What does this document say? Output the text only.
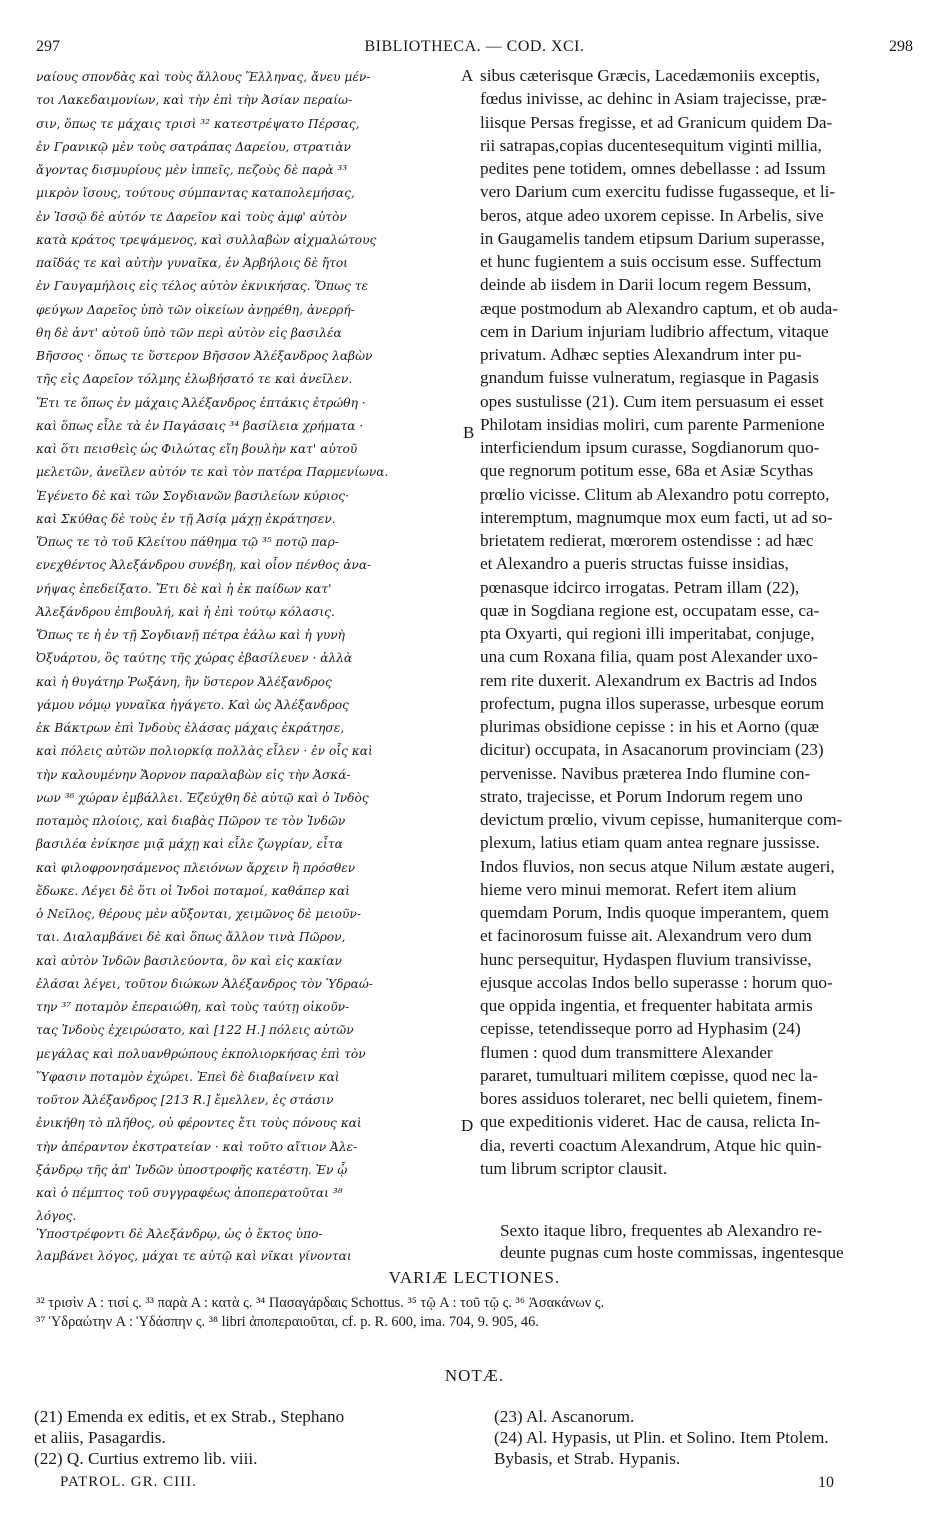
297	BIBLIOTHECA. — COD. XCI.	298
A
B
D
ναίους σπονδὰς καὶ τοὺς ἄλλους Ἕλληνας, ἄνευ μέν-
τοι Λακεδαιμονίων, καὶ τὴν ἐπὶ τὴν Ἀσίαν περαίω-
σιν, ὅπως τε μάχαις τρισὶ ³² κατεστρέψατο Πέρσας,
ἐν Γρανικῷ μὲν τοὺς σατράπας Δαρείου, στρατιὰν
ἄγοντας δισμυρίους μὲν ἱππεῖς, πεζοὺς δὲ παρὰ ³³
μικρὸν ἴσους, τούτους σύμπαντας καταπολεμήσας,
ἐν Ἰσσῷ δὲ αὐτόν τε Δαρεῖον καὶ τοὺς ἀμφ' αὐτὸν
κατὰ κράτος τρεψάμενος, καὶ συλλαβὼν αἰχμαλώτους
παῖδάς τε καὶ αὐτὴν γυναῖκα, ἐν Ἀρβήλοις δὲ ἤτοι
ἐν Γαυγαμήλοις εἰς τέλος αὐτὸν ἐκνικήσας. Ὅπως τε
φεύγων Δαρεῖος ὑπὸ τῶν οἰκείων ἀνῃρέθη, ἀνερρή-
θη δὲ ἀντ' αὐτοῦ ὑπὸ τῶν περὶ αὐτὸν εἰς βασιλέα
Βῆσσος · ὅπως τε ὕστερον Βῆσσον Ἀλέξανδρος λαβὼν
τῆς εἰς Δαρεῖον τόλμης ἐλωβήσατό τε καὶ ἀνεῖλεν.
Ἔτι τε ὅπως ἐν μάχαις Ἀλέξανδρος ἑπτάκις ἐτρώθη ·
καὶ ὅπως εἷλε τὰ ἐν Παγάσαις ³⁴ βασίλεια χρήματα ·
καὶ ὅτι πεισθεὶς ὡς Φιλώτας εἴη βουλὴν κατ' αὐτοῦ
μελετῶν, ἀνεῖλεν αὐτόν τε καὶ τὸν πατέρα Παρμενίωνα.
Ἐγένετο δὲ καὶ τῶν Σογδιανῶν βασιλείων κύριος·
καὶ Σκύθας δὲ τοὺς ἐν τῇ Ἀσίᾳ μάχῃ ἐκράτησεν.
Ὅπως τε τὸ τοῦ Κλείτου πάθημα τῷ ³⁵ ποτῷ παρ-
ενεχθέντος Ἀλεξάνδρου συνέβη, καὶ οἷον πένθος ἀνα-
νήψας ἐπεδείξατο. Ἔτι δὲ καὶ ἡ ἐκ παίδων κατ'
Ἀλεξάνδρου ἐπιβουλή, καὶ ἡ ἐπὶ τούτῳ κόλασις.
Ὅπως τε ἡ ἐν τῇ Σογδιανῇ πέτρα ἑάλω καὶ ἡ γυνὴ
Ὀξυάρτου, ὃς ταύτης τῆς χώρας ἐβασίλευεν · ἀλλὰ
καὶ ἡ θυγάτηρ Ῥωξάνη, ἣν ὕστερον Ἀλέξανδρος
γάμου νόμῳ γυναῖκα ἠγάγετο. Καὶ ὡς Ἀλέξανδρος
ἐκ Βάκτρων ἐπὶ Ἰνδοὺς ἐλάσας μάχαις ἐκράτησε,
καὶ πόλεις αὐτῶν πολιορκίᾳ πολλὰς εἷλεν · ἐν οἷς καὶ
τὴν καλουμένην Ἄορνον παραλαβὼν εἰς τὴν Ἀσκά-
νων ³⁶ χώραν ἐμβάλλει. Ἐζεύχθη δὲ αὐτῷ καὶ ὁ Ἰνδὸς
ποταμὸς πλοίοις, καὶ διαβὰς Πῶρον τε τὸν Ἰνδῶν
βασιλέα ἐνίκησε μιᾷ μάχῃ καὶ εἷλε ζωγρίαν, εἶτα
καὶ φιλοφρονησάμενος πλειόνων ἄρχειν ἢ πρόσθεν
ἔδωκε. Λέγει δὲ ὅτι οἱ Ἰνδοὶ ποταμοί, καθάπερ καὶ
ὁ Νεῖλος, θέρους μὲν αὔξονται, χειμῶνος δὲ μειοῦν-
ται. Διαλαμβάνει δὲ καὶ ὅπως ἄλλον τινὰ Πῶρον,
καὶ αὐτὸν Ἰνδῶν βασιλεύοντα, ὃν καὶ εἰς κακίαν
ἐλάσαι λέγει, τοῦτον διώκων Ἀλέξανδρος τὸν Ὑδραώ-
την ³⁷ ποταμὸν ἐπεραιώθη, καὶ τοὺς ταύτῃ οἰκοῦν-
τας Ἰνδοὺς ἐχειρώσατο, καὶ [122 H.] πόλεις αὐτῶν
μεγάλας καὶ πολυανθρώπους ἐκπολιορκήσας ἐπὶ τὸν
Ὕφασιν ποταμὸν ἐχώρει. Ἐπεὶ δὲ διαβαίνειν καὶ
τοῦτον Ἀλέξανδρος [213 R.] ἔμελλεν, ἐς στάσιν
ἐνικήθη τὸ πλῆθος, οὐ φέροντες ἔτι τοὺς πόνους καὶ
τὴν ἀπέραντον ἐκστρατείαν · καὶ τοῦτο αἴτιον Ἀλε-
ξάνδρῳ τῆς ἀπ' Ἰνδῶν ὑποστροφῆς κατέστη. Ἐν ᾧ
καὶ ὁ πέμπτος τοῦ συγγραφέως ἀποπερατοῦται ³⁸
λόγος.
sibus cæterisque Græcis, Lacedæmoniis exceptis,
fœdus inivisse, ac dehinc in Asiam trajecisse, præ-
liisque Persas fregisse, et ad Granicum quidem Da-
rii satrapas,copias ducentesequitum viginti millia,
pedites pene totidem, omnes debellasse : ad Issum
vero Darium cum exercitu fudisse fugasseque, et li-
beros, atque adeo uxorem cepisse. In Arbelis, sive
in Gaugamelis tandem etipsum Darium superasse,
et hunc fugientem a suis occisum esse. Suffectum
deinde ab iisdem in Darii locum regem Bessum,
æque postmodum ab Alexandro captum, et ob auda-
cem in Darium injuriam ludibrio affectum, vitaque
privatum. Adhæc septies Alexandrum inter pu-
gnandum fuisse vulneratum, regiasque in Pagasis
opes sustulisse (21). Cum item persuasum ei esset
Philotam insidias moliri, cum parente Parmenione
interficiendum ipsum curasse, Sogdianorum quo-
que regnorum potitum esse, 68a et Asiæ Scythas
prœlio vicisse. Clitum ab Alexandro potu correpto,
interemptum, magnumque mox eum facti, ut ad so-
brietatem redierat, mœrorem ostendisse : ad hæc
et Alexandro a pueris structas fuisse insidias,
pœnasque idcirco irrogatas. Petram illam (22),
quæ in Sogdiana regione est, occupatam esse, ca-
pta Oxyarti, qui regioni illi imperitabat, conjuge,
una cum Roxana filia, quam post Alexander uxo-
rem rite duxerit. Alexandrum ex Bactris ad Indos
profectum, pugna illos superasse, urbesque eorum
plurimas obsidione cepisse : in his et Aorno (quæ
dicitur) occupata, in Asacanorum provinciam (23)
pervenisse. Navibus præterea Indo flumine con-
strato, trajecisse, et Porum Indorum regem uno
devictum prœlio, vivum cepisse, humaniterque com-
plexum, latius etiam quam antea regnare jussisse.
Indos fluvios, non secus atque Nilum æstate augeri,
hieme vero minui memorat. Refert item alium
quemdam Porum, Indis quoque imperantem, quem
et facinorosum fuisse ait. Alexandrum vero dum
hunc persequitur, Hydaspen fluvium transivisse,
ejusque accolas Indos bello superasse : horum quo-
que oppida ingentia, et frequenter habitata armis
cepisse, tetendisseque porro ad Hyphasim (24)
flumen : quod dum transmittere Alexander
pararet, tumultuari militem cœpisse, quod nec la-
bores assiduos toleraret, nec belli quietem, finem-
que expeditionis videret. Hac de causa, relicta In-
dia, reverti coactum Alexandrum, Atque hic quin-
tum librum scriptor clausit.
Ὑποστρέφοντι δὲ Ἀλεξάνδρῳ, ὡς ὁ ἕκτος ὑπο-
λαμβάνει λόγος, μάχαι τε αὐτῷ καὶ νῖκαι γίνονται
Sexto itaque libro, frequentes ab Alexandro re-
deunte pugnas cum hoste commissas, ingentesque
VARIÆ LECTIONES.
³² τρισὶν A : τισί ς. ³³ παρὰ A : κατὰ ς. ³⁴ Πασαγάρδαις Schottus. ³⁵ τῷ A : τοῦ τῷ ς. ³⁶ Ἀσακάνων ς.
³⁷ Ὑδραώτην A : Ὑδάσπην ς. ³⁸ libri ἀποπεραιοῦται, cf. p. R. 600, ima. 704, 9. 905, 46.
NOTÆ.
(21) Emenda ex editis, et ex Strab., Stephano
et aliis, Pasagardis.
(22) Q. Curtius extremo lib. viii.
(23) Al. Ascanorum.
(24) Al. Hypasis, ut Plin. et Solino. Item Ptolem.
Bybasis, et Strab. Hypanis.
PATROL. GR. CIII.	10
